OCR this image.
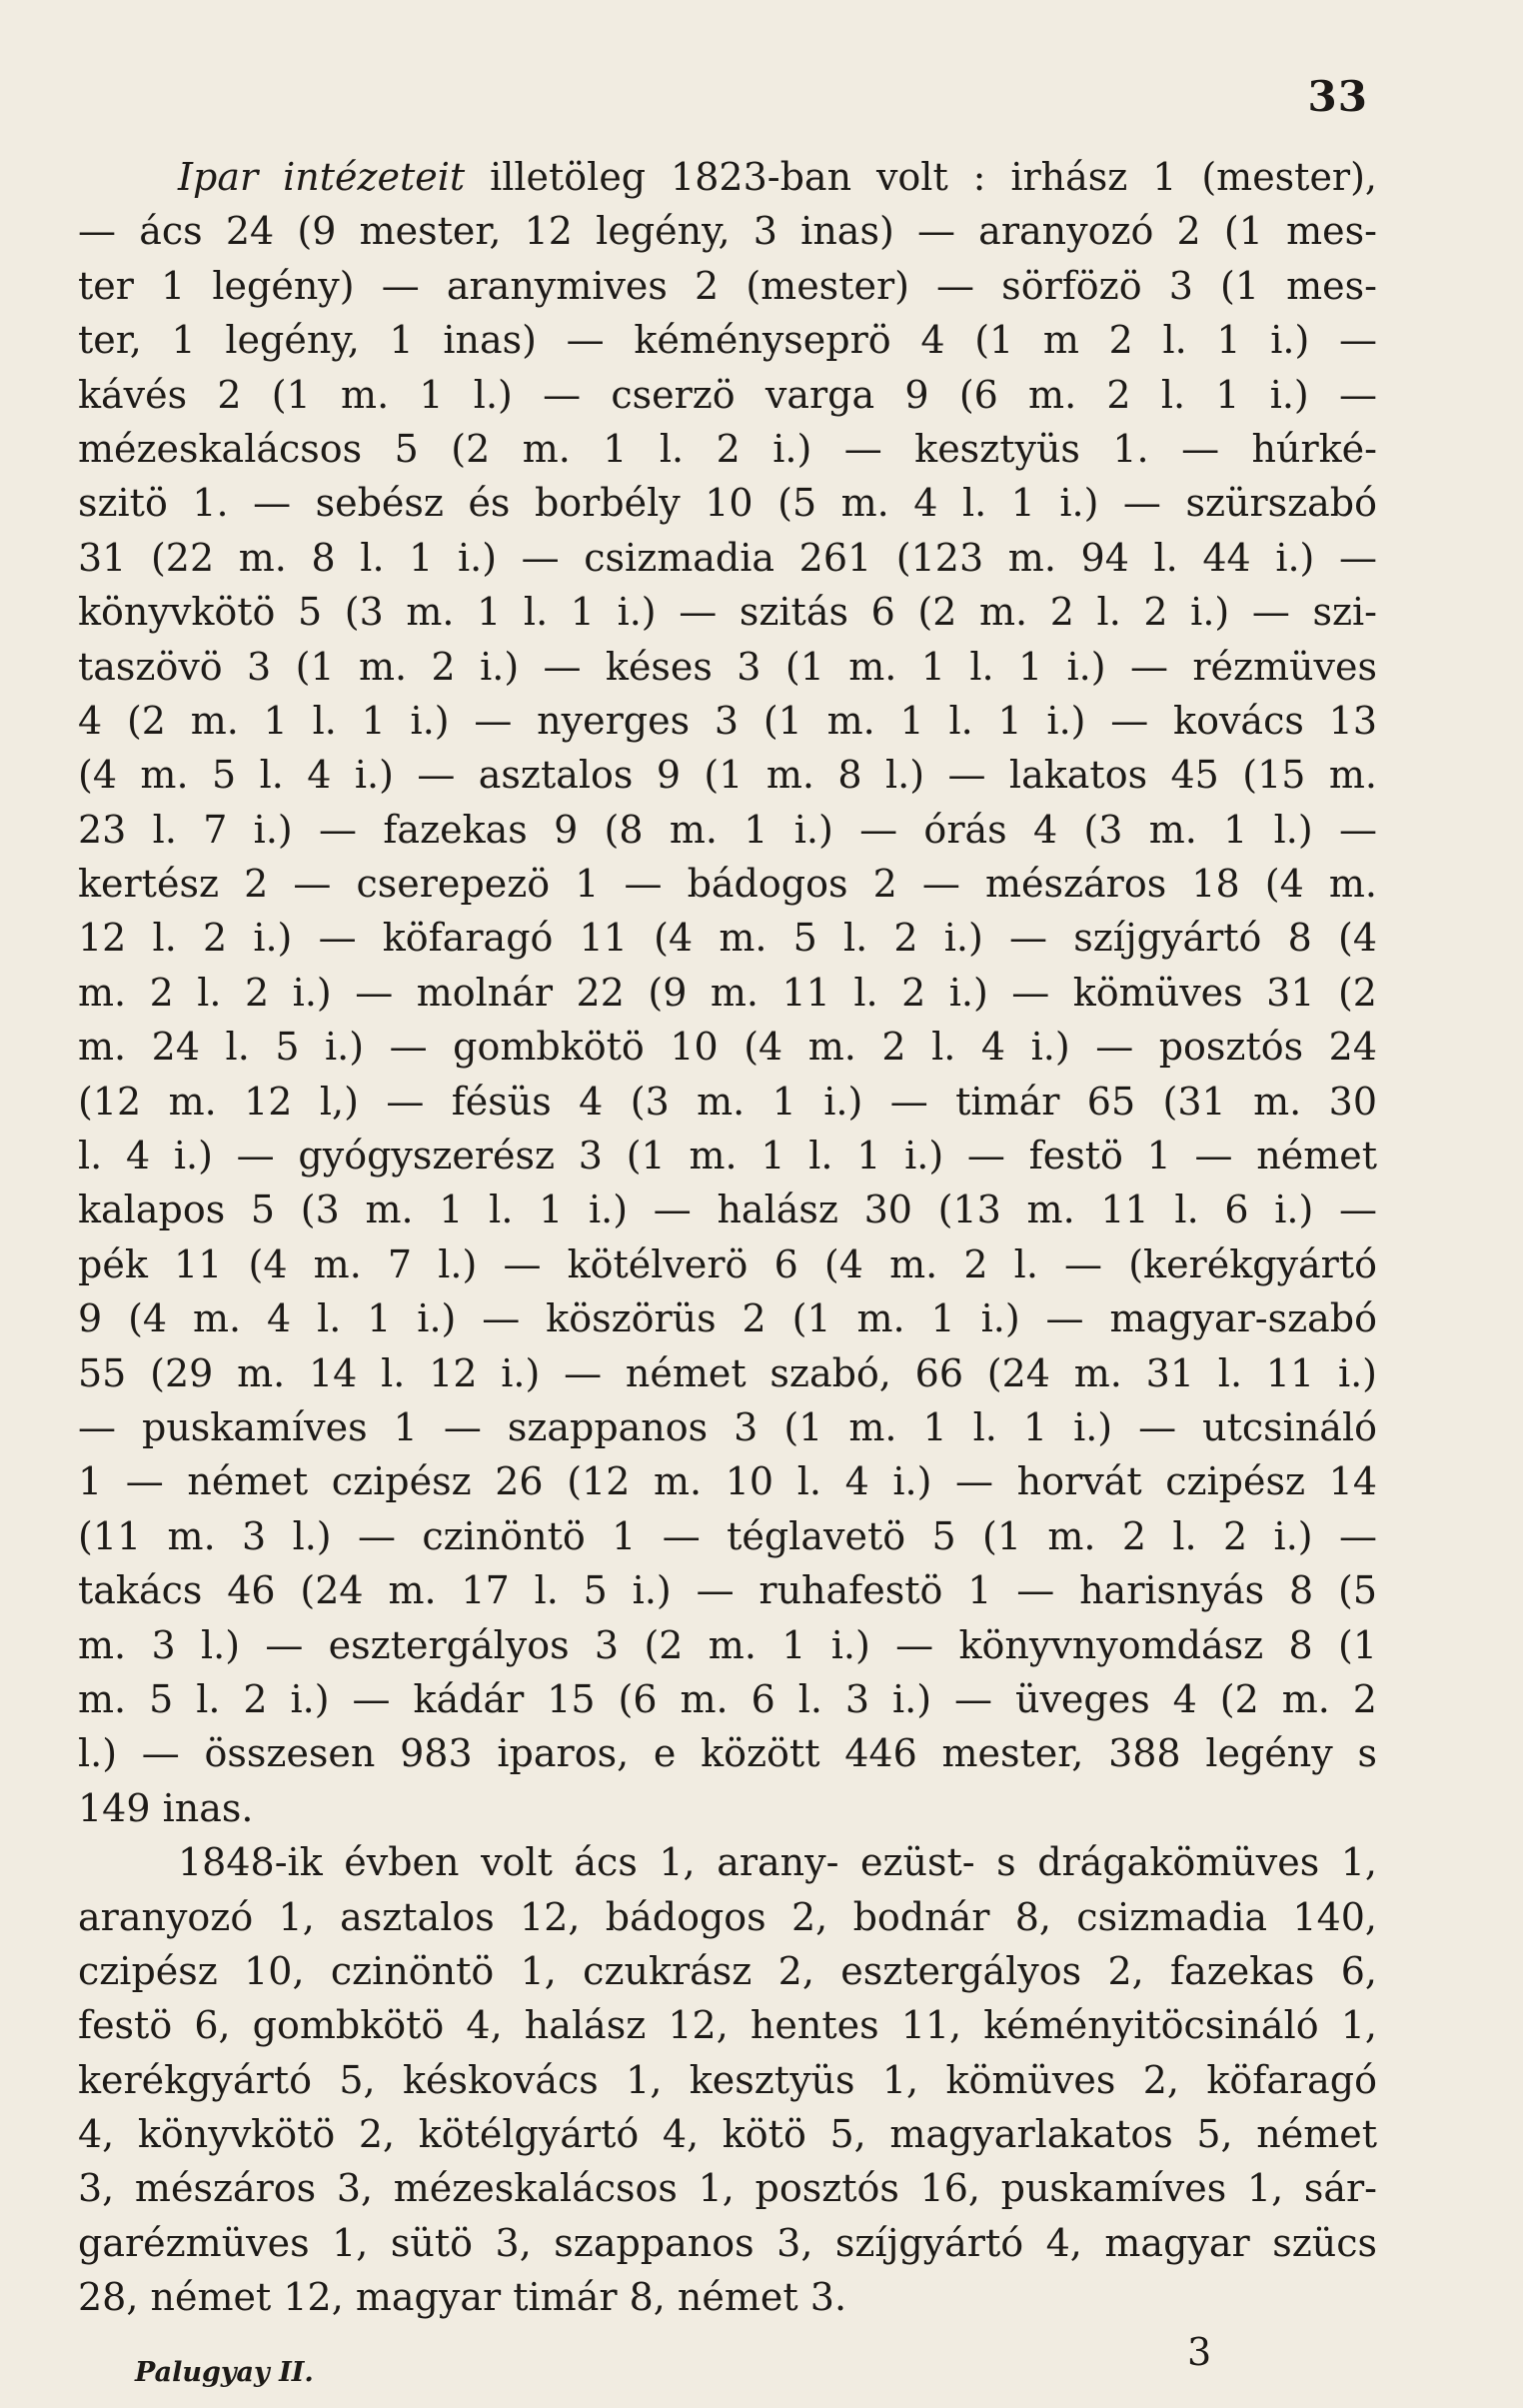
33
Ipar intézeteit illetöleg 1823-ban volt : irhász 1 (mester),
— ács 24 (9 mester, 12 legény, 3 inas) — aranyozó 2 (1 mes-
ter 1 legény) — aranymives 2 (mester) — sörfözö 3 (1 mes-
ter, 1 legény, 1 inas) — kéményseprö 4 (1 m 2 l. 1 i.) —
kávés 2 (1 m. 1 l.) — cserzö varga 9 (6 m. 2 l. 1 i.) —
mézeskalácsos 5 (2 m. 1 l. 2 i.) — kesztyüs 1. — húrké-
szitö 1. — sebész és borbély 10 (5 m. 4 l. 1 i.) — szürszabó
31 (22 m. 8 l. 1 i.) — csizmadia 261 (123 m. 94 l. 44 i.) —
könyvkötö 5 (3 m. 1 l. 1 i.) — szitás 6 (2 m. 2 l. 2 i.) — szi-
taszövö 3 (1 m. 2 i.) — késes 3 (1 m. 1 l. 1 i.) — rézmüves
4 (2 m. 1 l. 1 i.) — nyerges 3 (1 m. 1 l. 1 i.) — kovács 13
(4 m. 5 l. 4 i.) — asztalos 9 (1 m. 8 l.) — lakatos 45 (15 m.
23 l. 7 i.) — fazekas 9 (8 m. 1 i.) — órás 4 (3 m. 1 l.) —
kertész 2 — cserepezö 1 — bádogos 2 — mészáros 18 (4 m.
12 l. 2 i.) — köfaragó 11 (4 m. 5 l. 2 i.) — szíjgyártó 8 (4
m. 2 l. 2 i.) — molnár 22 (9 m. 11 l. 2 i.) — kömüves 31 (2
m. 24 l. 5 i.) — gombkötö 10 (4 m. 2 l. 4 i.) — posztós 24
(12 m. 12 l,) — fésüs 4 (3 m. 1 i.) — timár 65 (31 m. 30
l. 4 i.) — gyógyszerész 3 (1 m. 1 l. 1 i.) — festö 1 — német
kalapos 5 (3 m. 1 l. 1 i.) — halász 30 (13 m. 11 l. 6 i.) —
pék 11 (4 m. 7 l.) — kötélverö 6 (4 m. 2 l. — (kerékgyártó
9 (4 m. 4 l. 1 i.) — köszörüs 2 (1 m. 1 i.) — magyar-szabó
55 (29 m. 14 l. 12 i.) — német szabó, 66 (24 m. 31 l. 11 i.)
— puskamíves 1 — szappanos 3 (1 m. 1 l. 1 i.) — utcsináló
1 — német czipész 26 (12 m. 10 l. 4 i.) — horvát czipész 14
(11 m. 3 l.) — czinöntö 1 — téglavetö 5 (1 m. 2 l. 2 i.) —
takács 46 (24 m. 17 l. 5 i.) — ruhafestö 1 — harisnyás 8 (5
m. 3 l.) — esztergályos 3 (2 m. 1 i.) — könyvnyomdász 8 (1
m. 5 l. 2 i.) — kádár 15 (6 m. 6 l. 3 i.) — üveges 4 (2 m. 2
l.) — összesen 983 iparos, e között 446 mester, 388 legény s
149 inas.
1848-ik évben volt ács 1, arany- ezüst- s drágakömüves 1,
aranyozó 1, asztalos 12, bádogos 2, bodnár 8, csizmadia 140,
czipész 10, czinöntö 1, czukrász 2, esztergályos 2, fazekas 6,
festö 6, gombkötö 4, halász 12, hentes 11, kéményitöcsináló 1,
kerékgyártó 5, késkovács 1, kesztyüs 1, kömüves 2, köfaragó
4, könyvkötö 2, kötélgyártó 4, kötö 5, magyarlakatos 5, német
3, mészáros 3, mézeskalácsos 1, posztós 16, puskamíves 1, sár-
garézmüves 1, sütö 3, szappanos 3, szíjgyártó 4, magyar szücs
28, német 12, magyar timár 8, német 3.
Palugyay II.	3
